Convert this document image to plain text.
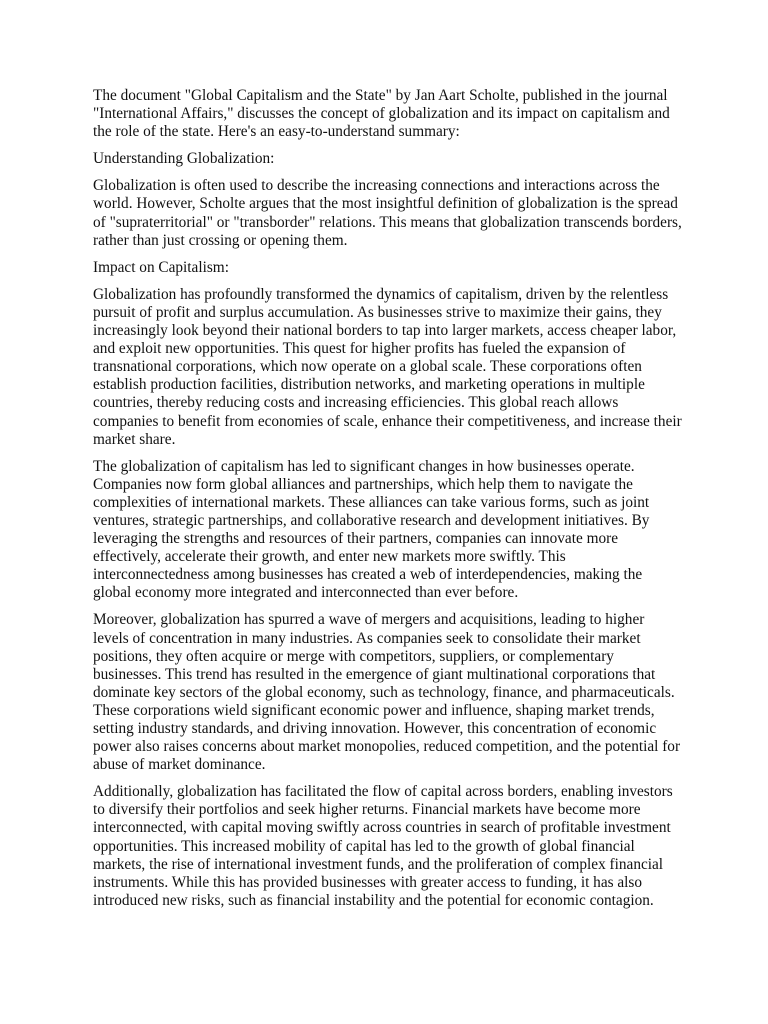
The document "Global Capitalism and the State" by Jan Aart Scholte, published in the journal "International Affairs," discusses the concept of globalization and its impact on capitalism and the role of the state. Here's an easy-to-understand summary:

Understanding Globalization:

Globalization is often used to describe the increasing connections and interactions across the world. However, Scholte argues that the most insightful definition of globalization is the spread of "supraterritorial" or "transborder" relations. This means that globalization transcends borders, rather than just crossing or opening them.

Impact on Capitalism:

Globalization has profoundly transformed the dynamics of capitalism, driven by the relentless pursuit of profit and surplus accumulation. As businesses strive to maximize their gains, they increasingly look beyond their national borders to tap into larger markets, access cheaper labor, and exploit new opportunities. This quest for higher profits has fueled the expansion of transnational corporations, which now operate on a global scale. These corporations often establish production facilities, distribution networks, and marketing operations in multiple countries, thereby reducing costs and increasing efficiencies. This global reach allows companies to benefit from economies of scale, enhance their competitiveness, and increase their market share.

The globalization of capitalism has led to significant changes in how businesses operate. Companies now form global alliances and partnerships, which help them to navigate the complexities of international markets. These alliances can take various forms, such as joint ventures, strategic partnerships, and collaborative research and development initiatives. By leveraging the strengths and resources of their partners, companies can innovate more effectively, accelerate their growth, and enter new markets more swiftly. This interconnectedness among businesses has created a web of interdependencies, making the global economy more integrated and interconnected than ever before.

Moreover, globalization has spurred a wave of mergers and acquisitions, leading to higher levels of concentration in many industries. As companies seek to consolidate their market positions, they often acquire or merge with competitors, suppliers, or complementary businesses. This trend has resulted in the emergence of giant multinational corporations that dominate key sectors of the global economy, such as technology, finance, and pharmaceuticals. These corporations wield significant economic power and influence, shaping market trends, setting industry standards, and driving innovation. However, this concentration of economic power also raises concerns about market monopolies, reduced competition, and the potential for abuse of market dominance.

Additionally, globalization has facilitated the flow of capital across borders, enabling investors to diversify their portfolios and seek higher returns. Financial markets have become more interconnected, with capital moving swiftly across countries in search of profitable investment opportunities. This increased mobility of capital has led to the growth of global financial markets, the rise of international investment funds, and the proliferation of complex financial instruments. While this has provided businesses with greater access to funding, it has also introduced new risks, such as financial instability and the potential for economic contagion.
